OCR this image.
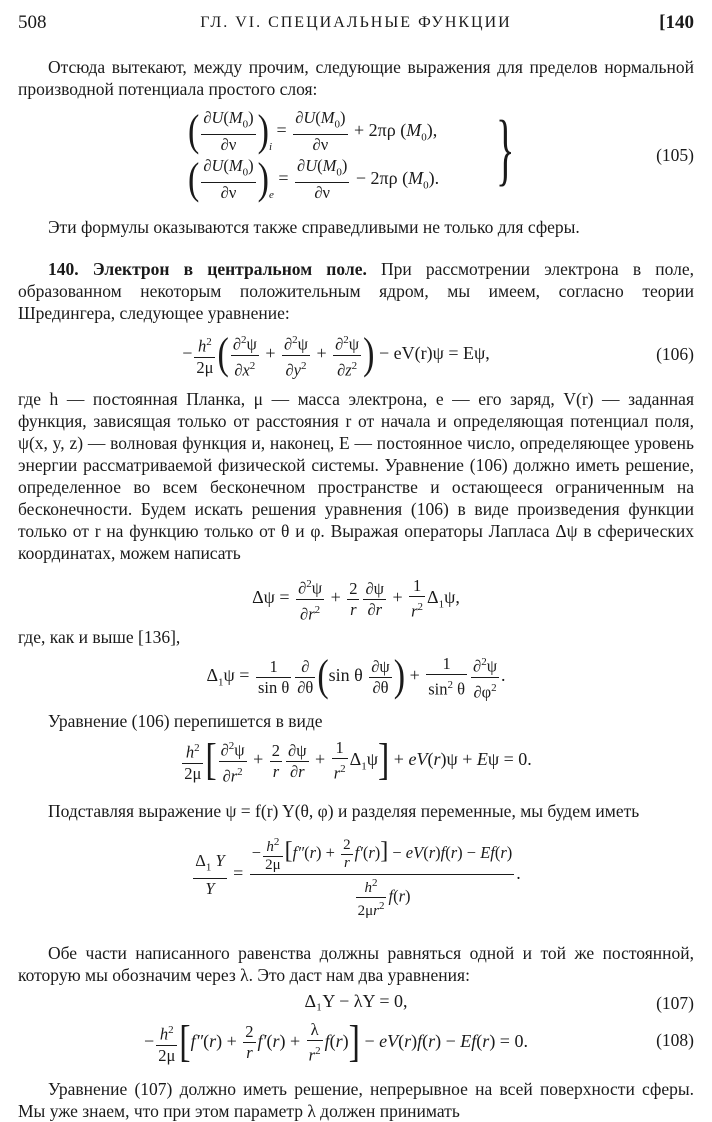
508	ГЛ. VI. СПЕЦИАЛЬНЫЕ ФУНКЦИИ	[140

Отсюда вытекают, между прочим, следующие выражения для пределов нормальной производной потенциала простого слоя:

( $\frac{\partial U(M_0)}{\partial\nu} )_i = \frac{\partial U(M_0)}{\partial\nu} + 2\pi\rho$ $(M_0)$,
( $\frac{\partial U(M_0)}{\partial\nu} )_e = \frac{\partial U(M_0)}{\partial\nu} - 2\pi\rho$ $(M_0)$. }	(105)

Эти формулы оказываются также справедливыми не только для сферы.

140. Электрон в центральном поле. При рассмотрении электрона в поле, образованном некоторым положительным ядром, мы имеем, согласно теории Шредингера, следующее уравнение:

− $\frac{h^2}{2\mu}$ ( $\frac{\partial^2\psi}{\partial x^2} + \frac{\partial^2\psi}{\partial y^2} + \frac{\partial^2\psi}{\partial z^2}$ ) − eV(r)ψ = Eψ,	(106)

где h — постоянная Планка, μ — масса электрона, e — его заряд, V(r) — заданная функция, зависящая только от расстояния r от начала и определяющая потенциал поля, ψ(x, y, z) — волновая функция и, наконец, E — постоянное число, определяющее уровень энергии рассматриваемой физической системы. Уравнение (106) должно иметь решение, определенное во всем бесконечном пространстве и остающееся ограниченным на бесконечности. Будем искать решения уравнения (106) в виде произведения функции только от r на функцию только от θ и φ. Выражая операторы Лапласа Δψ в сферических координатах, можем написать

$\Delta\psi = \frac{\partial^2\psi}{\partial r^2} + \frac{2}{r} \frac{\partial\psi}{\partial r} + \frac{1}{r^2} \Delta_1\psi$,

где, как и выше [136],

$\Delta_1\psi = \frac{1}{\text{sin θ}} \frac{\partial}{\partial\theta} (\sin$ θ $\frac{\partial\psi}{\partial\theta}$ ) + $\frac{1}{\sin^2 \theta} \frac{\partial^2\psi}{\partial\varphi^2}$ .

Уравнение (106) перепишется в виде

$\frac{h^2}{2\mu}$ [ $\frac{\partial^2\psi}{\partial r^2} + \frac{2}{r} \frac{\partial\psi}{\partial r} + \frac{1}{r^2} \Delta_1\psi] + eV(r)\psi + E\psi = 0$.

Подставляя выражение ψ = f(r) Y(θ, φ) и разделяя переменные, мы будем иметь

$\frac{\Delta_1 Y}{Y} = \frac{- \frac{h^2}{2\mu} [f''(r) + \frac{2}{r} f'(r)] - eV(r)f(r) - Ef(r)}{\frac{h^2}{2\mu r^2} f(r)}$ .

Обе части написанного равенства должны равняться одной и той же постоянной, которую мы обозначим через λ. Это даст нам два уравнения:

Δ₁Y − λY = 0,	(107)
− $\frac{h^2}{2\mu} [f''(r) + \frac{2}{r} f'(r) + \frac{\lambda}{r^2} f(r)] - eV(r)f(r) - Ef(r) = 0$.	(108)

Уравнение (107) должно иметь решение, непрерывное на всей поверхности сферы. Мы уже знаем, что при этом параметр λ должен принимать
